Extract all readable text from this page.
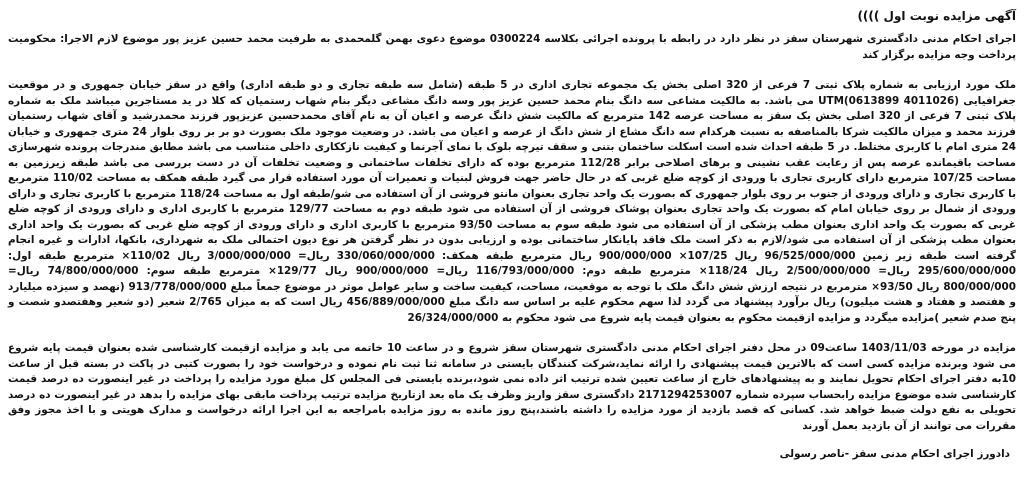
آگهی مزایده نوبت اول ))))

اجرای احکام مدنی دادگستری شهرستان سقز در نظر دارد در رابطه با پرونده اجرائی بکلاسه 0300224 موضوع دعوی بهمن گلمحمدی به طرفیت محمد حسین عزیز پور موضوع لازم الاجرا: محکومیت پرداخت وجه مزایده برگزار کند

ملک مورد ارزیابی به شماره پلاک ثبتی 7 فرعی از 320 اصلی بخش یک مجموعه تجاری اداری در 5 طبقه (شامل سه طبقه تجاری و دو طبقه اداری) واقع در سقز خیابان جمهوری و در موقعیت جغرافیایی UTM(0613899 4011026) می باشد. به مالکیت مشاعی سه دانگ بنام محمد حسین عزیز پور وسه دانگ مشاعی دیگر بنام شهاب رستمیان که کلا در ید مستاجرین میباشد ملک به شماره پلاک ثبتی 7 فرعی از 320 اصلی بخش یک سقز به مساحت عرصه 142 مترمربع که مالکیت شش دانگ عرصه و اعیان آن به نام آقای محمدحسین عزیزپور فرزند محمدرشید و آقای شهاب رستمیان فرزند محمد و میزان مالکیت شرکا بالمناصفه به نسبت هرکدام سه دانگ مشاع از شش دانگ از عرصه و اعیان می باشد. در وضعیت موجود ملک بصورت دو بر بر روی بلوار 24 متری جمهوری و خیابان 24 متری امام با کاربری مختلط. در 5 طبقه احداث شده است اسکلت ساختمان بتنی و سقف تیرچه بلوک با نمای آجرنما و کیفیت نازککاری داخلی متناسب می باشد مطابق مندرجات پرونده شهرسازی مساحت باقیمانده عرصه پس از رعایت عقب نشینی و برهای اصلاحی برابر 112/28 مترمربع بوده که دارای تخلفات ساختمانی و وضعیت تخلفات آن در دست بررسی می باشد طبقه زیرزمین به مساحت 107/25 مترمربع دارای کاربری تجاری با ورودی از کوچه ضلع غربی که در حال حاضر جهت فروش لبنیات و تعمیرات آن مورد استفاده قرار می گیرد طبقه همکف به مساحت 110/02 مترمربع با کاربری تجاری و دارای ورودی از جنوب بر روی بلوار جمهوری که بصورت یک واحد تجاری بعنوان مانتو فروشی از آن استفاده می شو/طبقه اول به مساحت 118/24 مترمربع با کاربری تجاری و دارای ورودی از شمال بر روی خیابان امام که بصورت یک واحد تجاری بعنوان پوشاک فروشی از آن استفاده می شود طبقه دوم به مساحت 129/77 مترمربع با کاربری اداری و دارای ورودی از کوچه ضلع غربی که بصورت یک واحد اداری بعنوان مطب پزشکی از آن استفاده می شود طبقه سوم به مساحت 93/50 مترمربع با کاربری اداری و دارای ورودی از کوچه ضلع غربی که بصورت یک واحد اداری بعنوان مطب پزشکی از آن استفاده می شود/لازم به ذکر است ملک فاقد پایانکار ساختمانی بوده و ارزیابی بدون در نظر گرفتن هر نوع دیون احتمالی ملک به شهرداری، بانکها، ادارات و غیره انجام گرفته است طبقه زیر زمین 96/525/000/000 ریال 107/25× 900/000/000 ریال مترمربع طبقه همکف: 330/060/000/000 ریال= 3/000/000/000 ریال 110/02× مترمربع طبقه اول: 295/600/000/000 ریال= 2/500/000/000 ریال 118/24× مترمربع طبقه دوم: 116/793/000/000 ریال= 900/000/000 ریال 129/77× مترمربع طبقه سوم: 74/800/000/000 ریال= 800/000/000 ریال 93/50× مترمربع در نتیجه ارزش شش دانگ ملک با توجه به موقعیت، مساحت، کیفیت ساخت و سایر عوامل موثر در موضوع جمعاً مبلغ 913/778/000/000 (نهصد و سیزده میلیارد و هفتصد و هفتاد و هشت میلیون) ریال برآورد پیشنهاد می گردد لذا سهم محکوم علیه بر اساس سه دانگ مبلغ 456/889/000/000 ریال است که به میزان 2/765 شعیر (دو شعیر وهفتصدو شصت و پنج صدم شعیر )مزایده میگردد و مزایده ازقیمت محکوم به بعنوان قیمت پایه شروع می شود محکوم به 26/324/000/000

مزایده در مورخه 1403/11/03 ساعت09 در محل دفتر اجرای احکام مدنی دادگستری شهرستان سقز شروع و در ساعت 10 خاتمه می یابد و مزایده ازقیمت کارشناسی شده بعنوان قیمت پایه شروع می شود وبرنده مزایده کسی است که بالاترین قیمت پیشنهادی را ارائه نماید،شرکت کنندگان بایستی در سامانه ثنا ثبت نام نموده و درخواست خود را بصورت کتبی در پاکت در بسته قبل از ساعت 10به دفتر اجرای احکام تحویل نمایند و به پیشنهادهای خارج از ساعت تعیین شده ترتیب اثر داده نمی شود،برنده بایستی فی المجلس کل مبلغ مورد مزایده را پرداخت در غیر اینصورت ده درصد قیمت کارشناسی شده موضوع مزایده رابحساب سپرده شماره 2171294253007 دادگستری سقز واریز وظرف یک ماه بعد ازتاریخ مزایده ترتیب پرداخت مابقی بهای مزایده را بدهد در غیر اینصورت ده درصد تحویلی به نفع دولت ضبط خواهد شد. کسانی که قصد بازدید از مورد مزایده را داشته باشند،پنج روز مانده به روز مزایده بامراجعه به این اجرا ارائه درخواست و مدارک هویتی و با اخذ مجوز وفق مقررات می توانند از آن بازدید بعمل آورند

دادورز اجرای احکام مدنی سقز -ناصر رسولی
